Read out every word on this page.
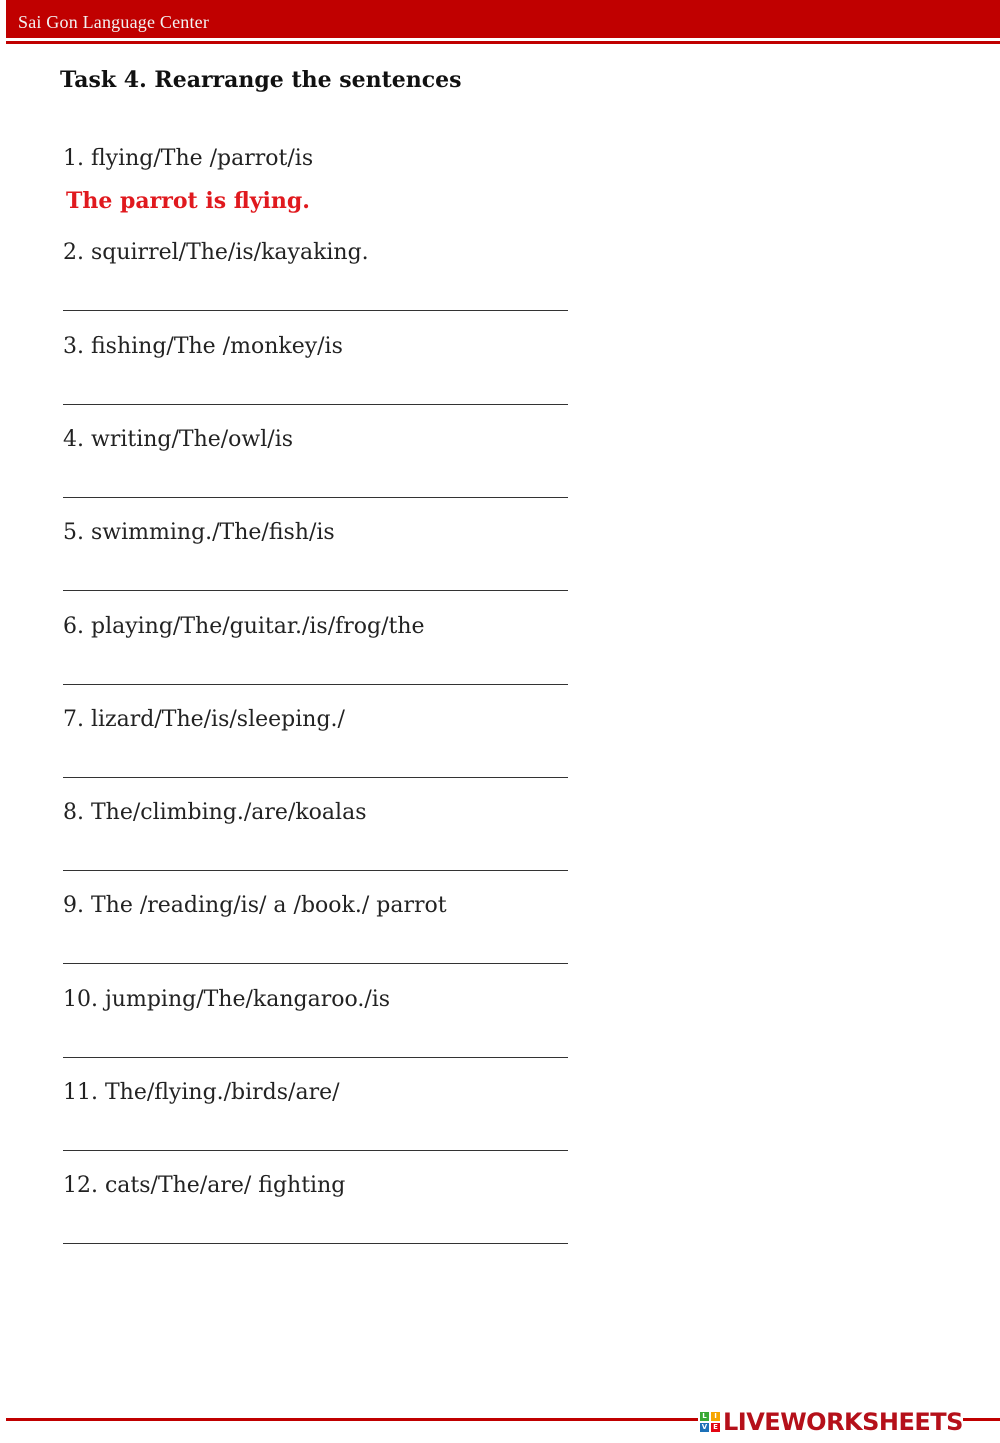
Sai Gon Language Center
Task 4. Rearrange the sentences
1. flying/The /parrot/is
The parrot is flying.
2. squirrel/The/is/kayaking.
3. fishing/The /monkey/is
4. writing/The/owl/is
5. swimming./The/fish/is
6. playing/The/guitar./is/frog/the
7. lizard/The/is/sleeping./
8. The/climbing./are/koalas
9. The /reading/is/ a /book./ parrot
10. jumping/The/kangaroo./is
11. The/flying./birds/are/
12. cats/The/are/ fighting
L	I
V E LIVEWORKSHEETS
